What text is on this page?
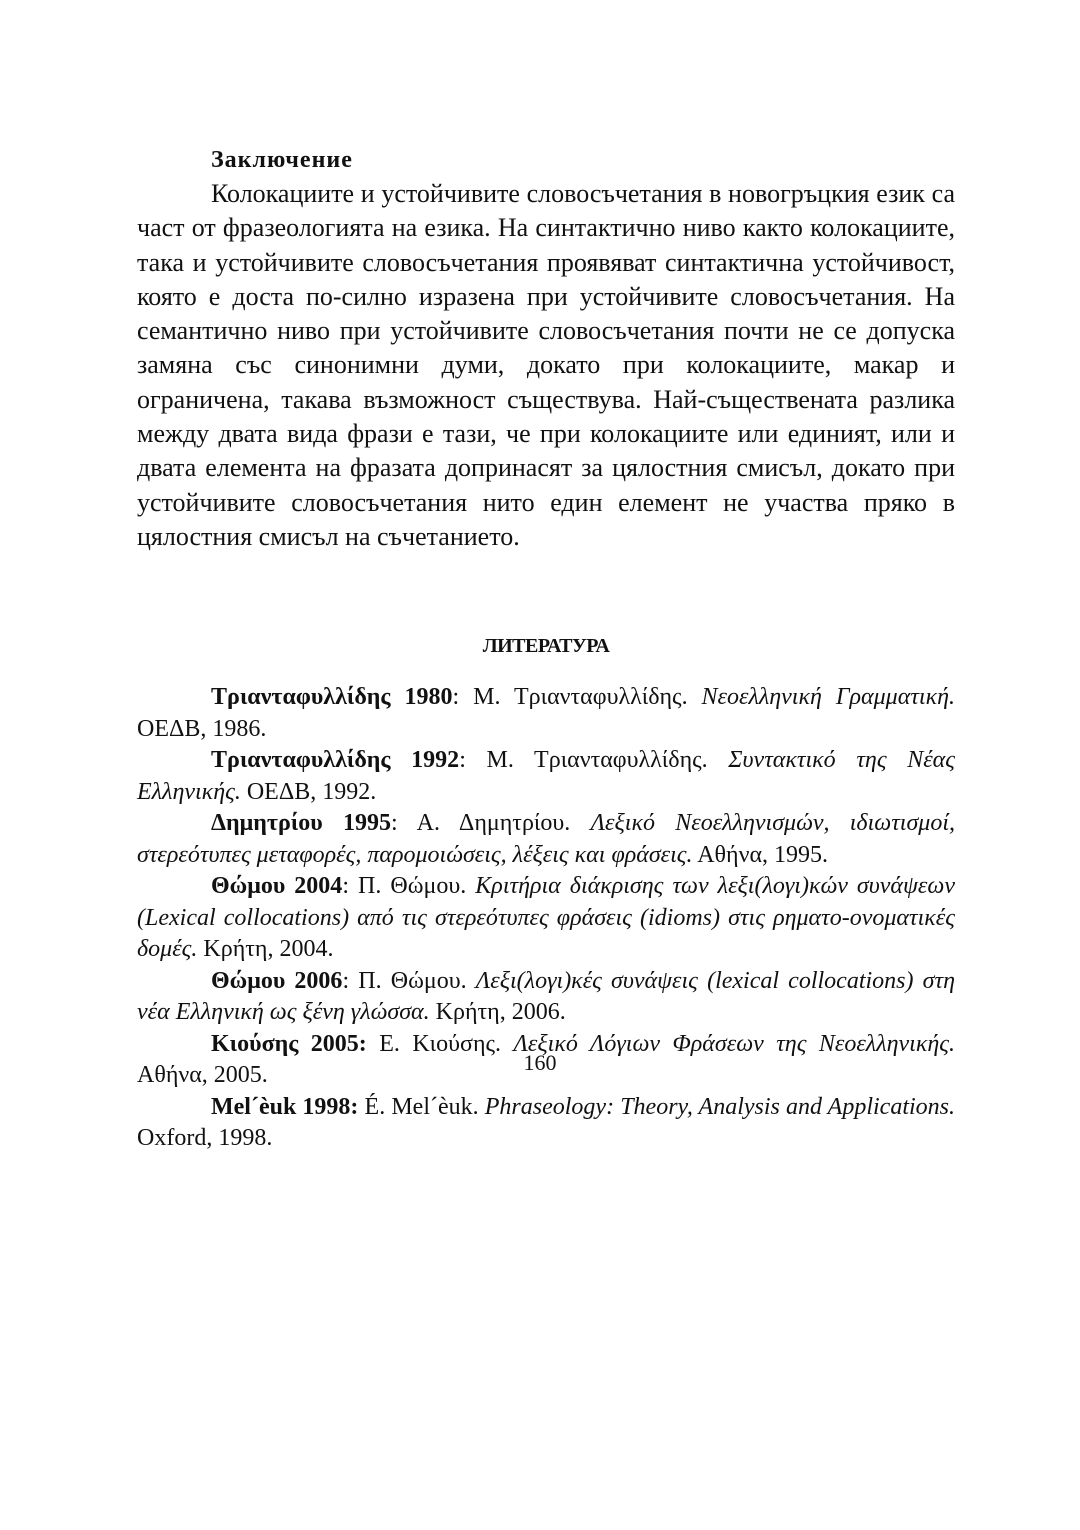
Заключение

Колокациите и устойчивите словосъчетания в новогръцкия език са част от фразеологията на езика. На синтактично ниво както колокациите, така и устойчивите словосъчетания проявяват синтактична устойчивост, която е доста по-силно изразена при устойчивите словосъчетания. На семантично ниво при устойчивите словосъчетания почти не се допуска замяна със синонимни думи, докато при колокациите, макар и ограничена, такава възможност съществува. Най-съществената разлика между двата вида фрази е тази, че при колокациите или единият, или и двата елемента на фразата допринасят за цялостния смисъл, докато при устойчивите словосъчетания нито един елемент не участва пряко в цялостния смисъл на съчетанието.

ЛИТЕРАТУРА

Τριανταφυλλίδης 1980: Μ. Τριανταφυλλίδης. Νεοελληνική Γραμματική. ΟΕΔΒ, 1986.

Τριανταφυλλίδης 1992: Μ. Τριανταφυλλίδης. Συντακτικό της Νέας Ελληνικής. ΟΕΔΒ, 1992.

Δημητρίου 1995: Α. Δημητρίου. Λεξικό Νεοελληνισμών, ιδιωτισμοί, στερεότυπες μεταφορές, παρομοιώσεις, λέξεις και φράσεις. Αθήνα, 1995.

Θώμου 2004: Π. Θώμου. Κριτήρια διάκρισης των λεξι(λογι)κών συνάψεων (Lexical collocations) από τις στερεότυπες φράσεις (idioms) στις ρηματο-ονοματικές δομές. Κρήτη, 2004.

Θώμου 2006: Π. Θώμου. Λεξι(λογι)κές συνάψεις (lexical collocations) στη νέα Ελληνική ως ξένη γλώσσα. Κρήτη, 2006.

Κιούσης 2005: Ε. Κιούσης. Λεξικό Λόγιων Φράσεων της Νεοελληνικής. Αθήνα, 2005.

Mel´èuk 1998: É. Mel´èuk. Phraseology: Theory, Analysis and Applications. Oxford, 1998.

160
